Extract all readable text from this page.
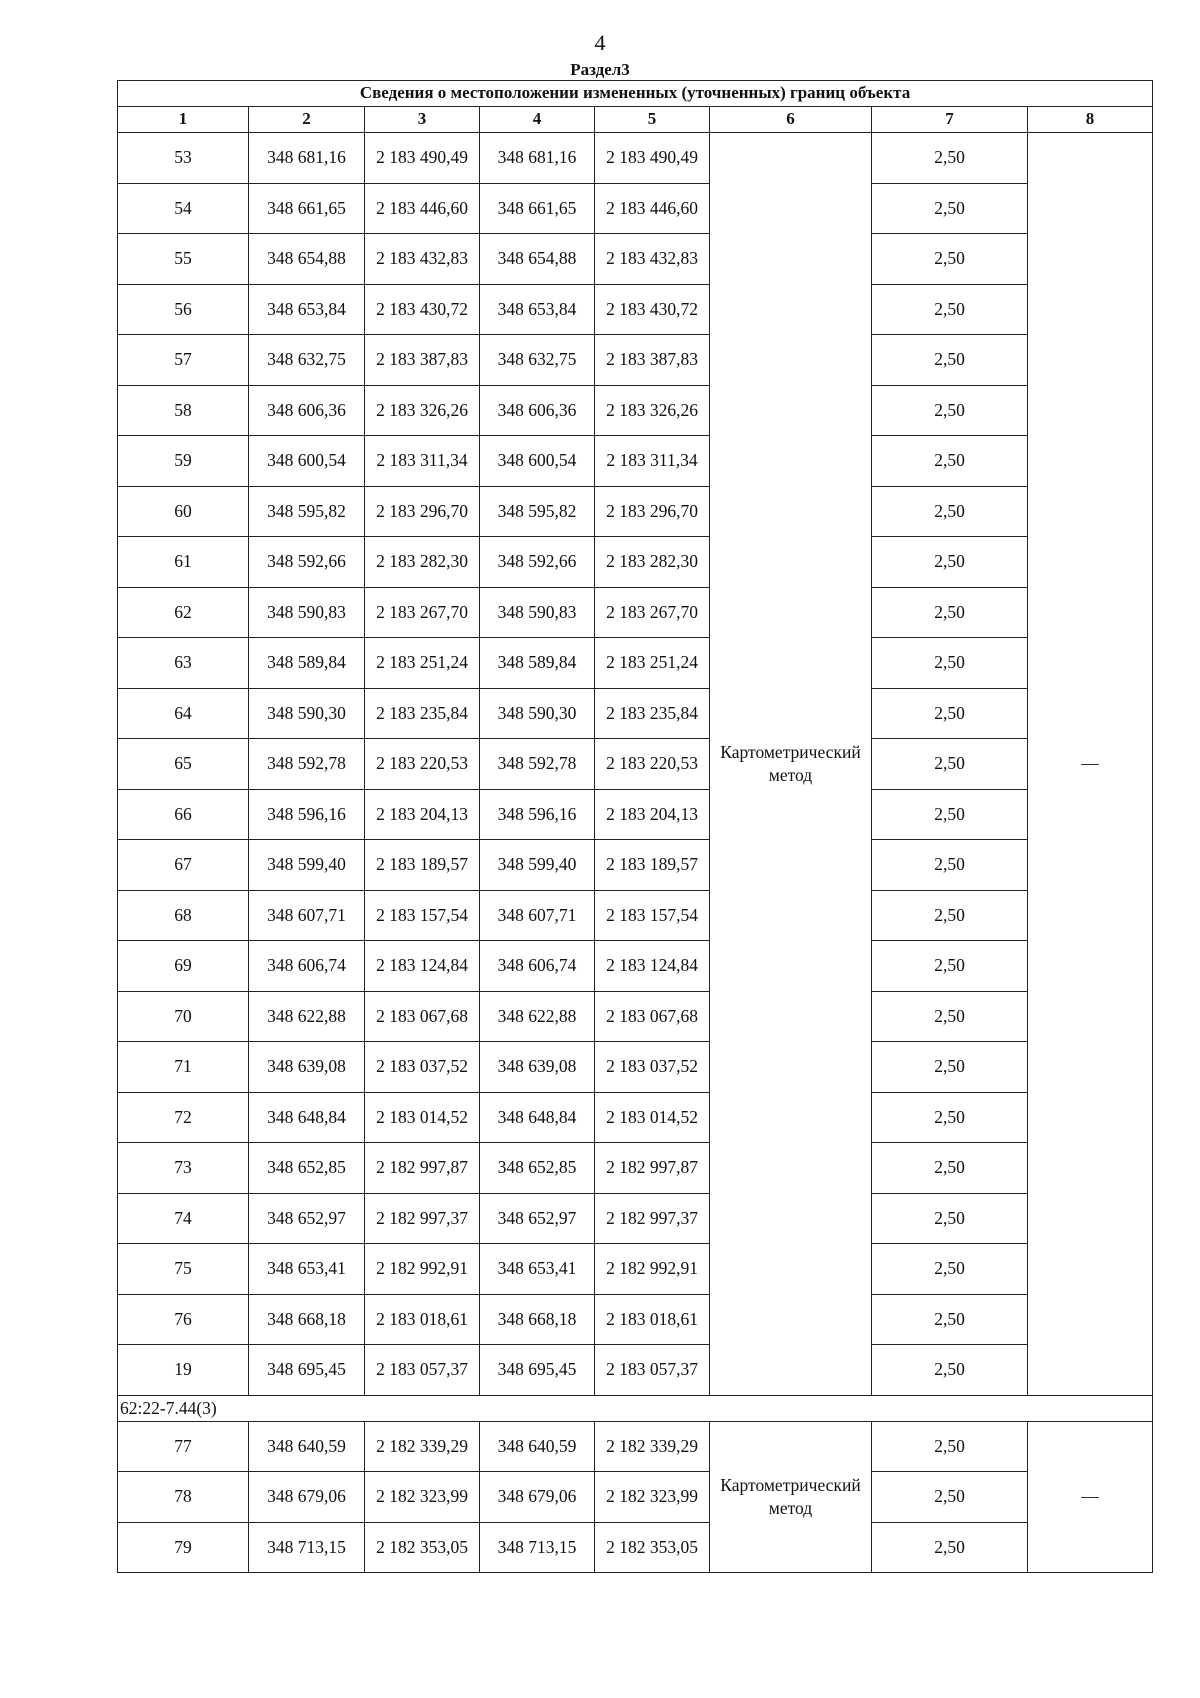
4
Раздел3
Сведения о местоположении измененных (уточненных) границ объекта							
1	2	3	4	5	6	7	8
53	348 681,16	2 183 490,49	348 681,16	2 183 490,49	Картометрический метод	2,50	—
54	348 661,65	2 183 446,60	348 661,65	2 183 446,60		2,50	
55	348 654,88	2 183 432,83	348 654,88	2 183 432,83		2,50	
56	348 653,84	2 183 430,72	348 653,84	2 183 430,72		2,50	
57	348 632,75	2 183 387,83	348 632,75	2 183 387,83		2,50	
58	348 606,36	2 183 326,26	348 606,36	2 183 326,26		2,50	
59	348 600,54	2 183 311,34	348 600,54	2 183 311,34		2,50	
60	348 595,82	2 183 296,70	348 595,82	2 183 296,70		2,50	
61	348 592,66	2 183 282,30	348 592,66	2 183 282,30		2,50	
62	348 590,83	2 183 267,70	348 590,83	2 183 267,70		2,50	
63	348 589,84	2 183 251,24	348 589,84	2 183 251,24		2,50	
64	348 590,30	2 183 235,84	348 590,30	2 183 235,84		2,50	
65	348 592,78	2 183 220,53	348 592,78	2 183 220,53		2,50	
66	348 596,16	2 183 204,13	348 596,16	2 183 204,13		2,50	
67	348 599,40	2 183 189,57	348 599,40	2 183 189,57		2,50	
68	348 607,71	2 183 157,54	348 607,71	2 183 157,54		2,50	
69	348 606,74	2 183 124,84	348 606,74	2 183 124,84		2,50	
70	348 622,88	2 183 067,68	348 622,88	2 183 067,68		2,50	
71	348 639,08	2 183 037,52	348 639,08	2 183 037,52		2,50	
72	348 648,84	2 183 014,52	348 648,84	2 183 014,52		2,50	
73	348 652,85	2 182 997,87	348 652,85	2 182 997,87		2,50	
74	348 652,97	2 182 997,37	348 652,97	2 182 997,37		2,50	
75	348 653,41	2 182 992,91	348 653,41	2 182 992,91		2,50	
76	348 668,18	2 183 018,61	348 668,18	2 183 018,61		2,50	
19	348 695,45	2 183 057,37	348 695,45	2 183 057,37		2,50	
62:22-7.44(3)							
77	348 640,59	2 182 339,29	348 640,59	2 182 339,29	Картометрический метод	2,50	—
78	348 679,06	2 182 323,99	348 679,06	2 182 323,99		2,50	
79	348 713,15	2 182 353,05	348 713,15	2 182 353,05		2,50	
